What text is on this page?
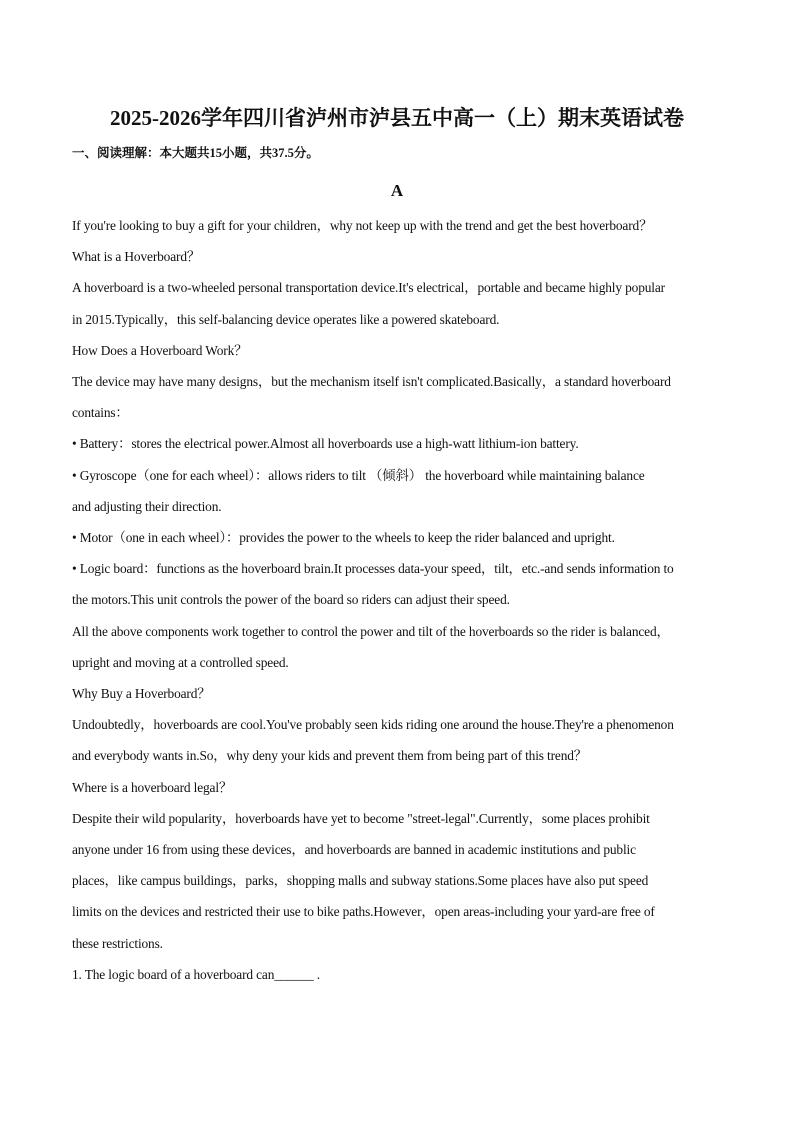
2025-2026学年四川省泸州市泸县五中高一（上）期末英语试卷
一、阅读理解：本大题共15小题，共37.5分。
A
If you're looking to buy a gift for your children，why not keep up with the trend and get the best hoverboard？
What is a Hoverboard？
A hoverboard is a two-wheeled personal transportation device.It's electrical，portable and became highly popular
in 2015.Typically，this self-balancing device operates like a powered skateboard.
How Does a Hoverboard Work？
The device may have many designs，but the mechanism itself isn't complicated.Basically，a standard hoverboard
contains：
• Battery：stores the electrical power.Almost all hoverboards use a high-watt lithium-ion battery.
• Gyroscope（one for each wheel）：allows riders to tilt （倾斜） the hoverboard while maintaining balance
and adjusting their direction.
• Motor（one in each wheel）：provides the power to the wheels to keep the rider balanced and upright.
• Logic board：functions as the hoverboard brain.It processes data-your speed，tilt，etc.-and sends information to
the motors.This unit controls the power of the board so riders can adjust their speed.
All the above components work together to control the power and tilt of the hoverboards so the rider is balanced，
upright and moving at a controlled speed.
Why Buy a Hoverboard？
Undoubtedly，hoverboards are cool.You've probably seen kids riding one around the house.They're a phenomenon
and everybody wants in.So，why deny your kids and prevent them from being part of this trend？
Where is a hoverboard legal？
Despite their wild popularity，hoverboards have yet to become "street-legal".Currently，some places prohibit
anyone under 16 from using these devices，and hoverboards are banned in academic institutions and public
places，like campus buildings，parks，shopping malls and subway stations.Some places have also put speed
limits on the devices and restricted their use to bike paths.However，open areas-including your yard-are free of
these restrictions.
1. The logic board of a hoverboard can______ .
